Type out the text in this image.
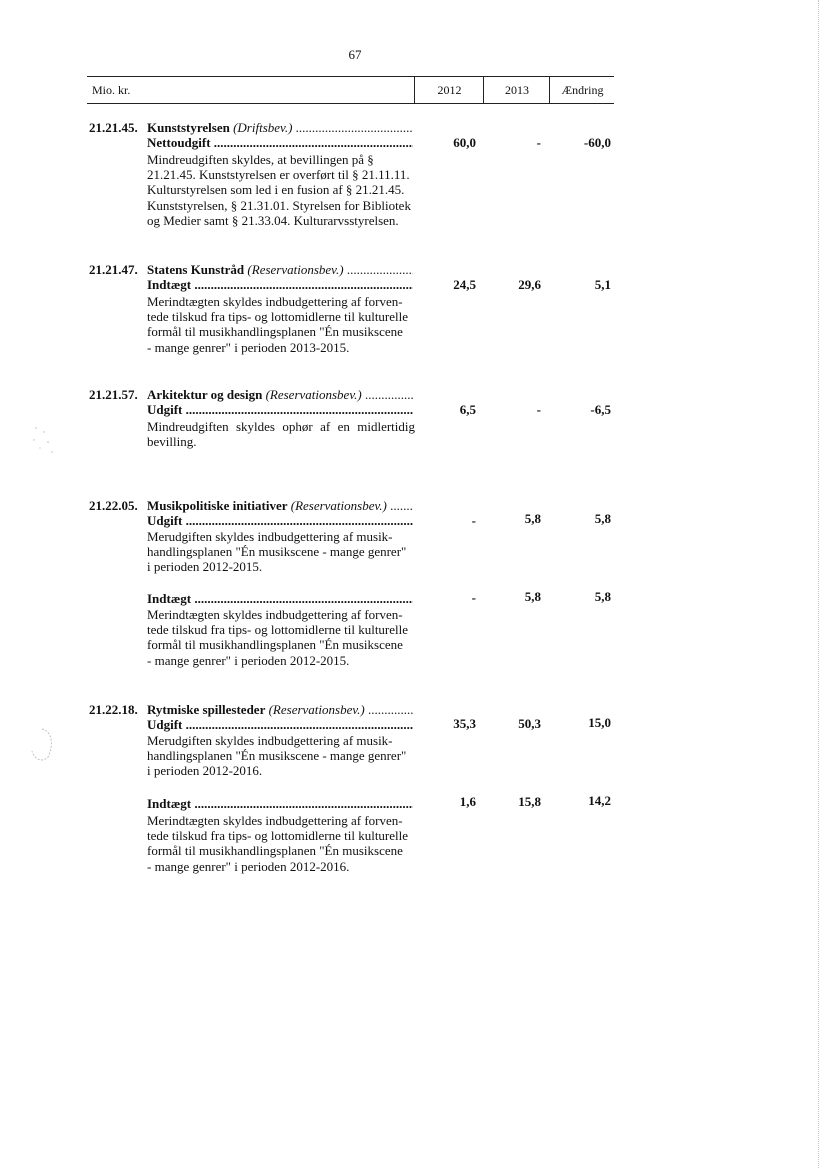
67
Mio. kr.	2012	2013	Ændring
21.21.45. Kunststyrelsen (Driftsbev.) .....
Nettoudgift .....	60,0	-	-60,0
Mindreudgiften skyldes, at bevillingen på §
21.21.45. Kunststyrelsen er overført til § 21.11.11.
Kulturstyrelsen som led i en fusion af § 21.21.45.
Kunststyrelsen, § 21.31.01. Styrelsen for Bibliotek
og Medier samt § 21.33.04. Kulturarvsstyrelsen.
21.21.47. Statens Kunstråd (Reservationsbev.) .....
Indtægt .....	24,5	29,6	5,1
Merindtægten skyldes indbudgettering af forven-
tede tilskud fra tips- og lottomidlerne til kulturelle
formål til musikhandlingsplanen "Én musikscene
- mange genrer" i perioden 2013-2015.
21.21.57. Arkitektur og design (Reservationsbev.) .....
Udgift .....	6,5	-	-6,5
Mindreudgiften skyldes ophør af en midlertidig bevilling.
21.22.05. Musikpolitiske initiativer (Reservationsbev.) .....
Udgift .....	-	5,8	5,8
Merudgiften skyldes indbudgettering af musik-
handlingsplanen "Én musikscene - mange genrer"
i perioden 2012-2015.
Indtægt .....	-	5,8	5,8
Merindtægten skyldes indbudgettering af forven-
tede tilskud fra tips- og lottomidlerne til kulturelle
formål til musikhandlingsplanen "Én musikscene
- mange genrer" i perioden 2012-2015.
21.22.18. Rytmiske spillesteder (Reservationsbev.) .....
Udgift .....	35,3	50,3	15,0
Merudgiften skyldes indbudgettering af musik-
handlingsplanen "Én musikscene - mange genrer"
i perioden 2012-2016.
Indtægt .....	1,6	15,8	14,2
Merindtægten skyldes indbudgettering af forven-
tede tilskud fra tips- og lottomidlerne til kulturelle
formål til musikhandlingsplanen "Én musikscene
- mange genrer" i perioden 2012-2016.
